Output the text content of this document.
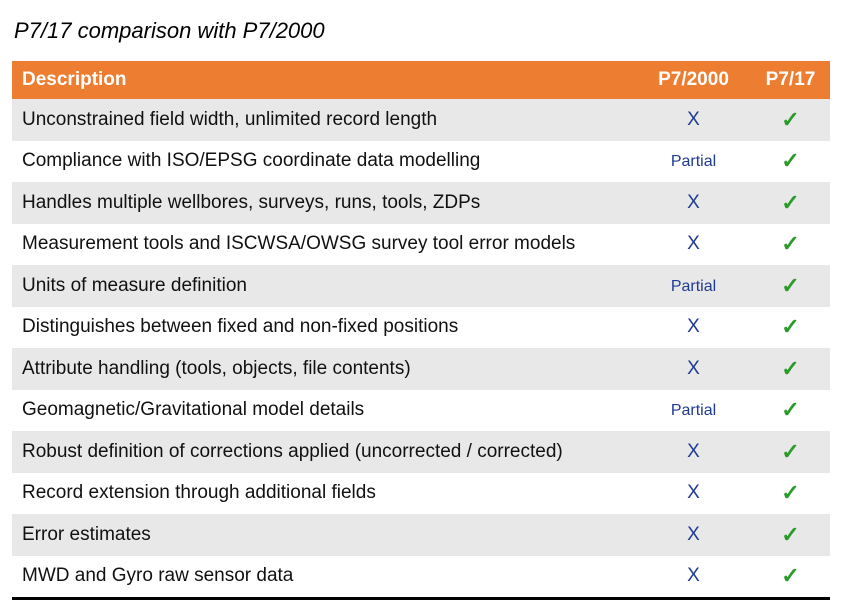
P7/17 comparison with P7/2000
Description	P7/2000	P7/17
Unconstrained field width, unlimited record length	X	✓
Compliance with ISO/EPSG coordinate data modelling	Partial	✓
Handles multiple wellbores, surveys, runs, tools, ZDPs	X	✓
Measurement tools and ISCWSA/OWSG survey tool error models	X	✓
Units of measure definition	Partial	✓
Distinguishes between fixed and non-fixed positions	X	✓
Attribute handling (tools, objects, file contents)	X	✓
Geomagnetic/Gravitational model details	Partial	✓
Robust definition of corrections applied (uncorrected / corrected)	X	✓
Record extension through additional fields	X	✓
Error estimates	X	✓
MWD and Gyro raw sensor data	X	✓
